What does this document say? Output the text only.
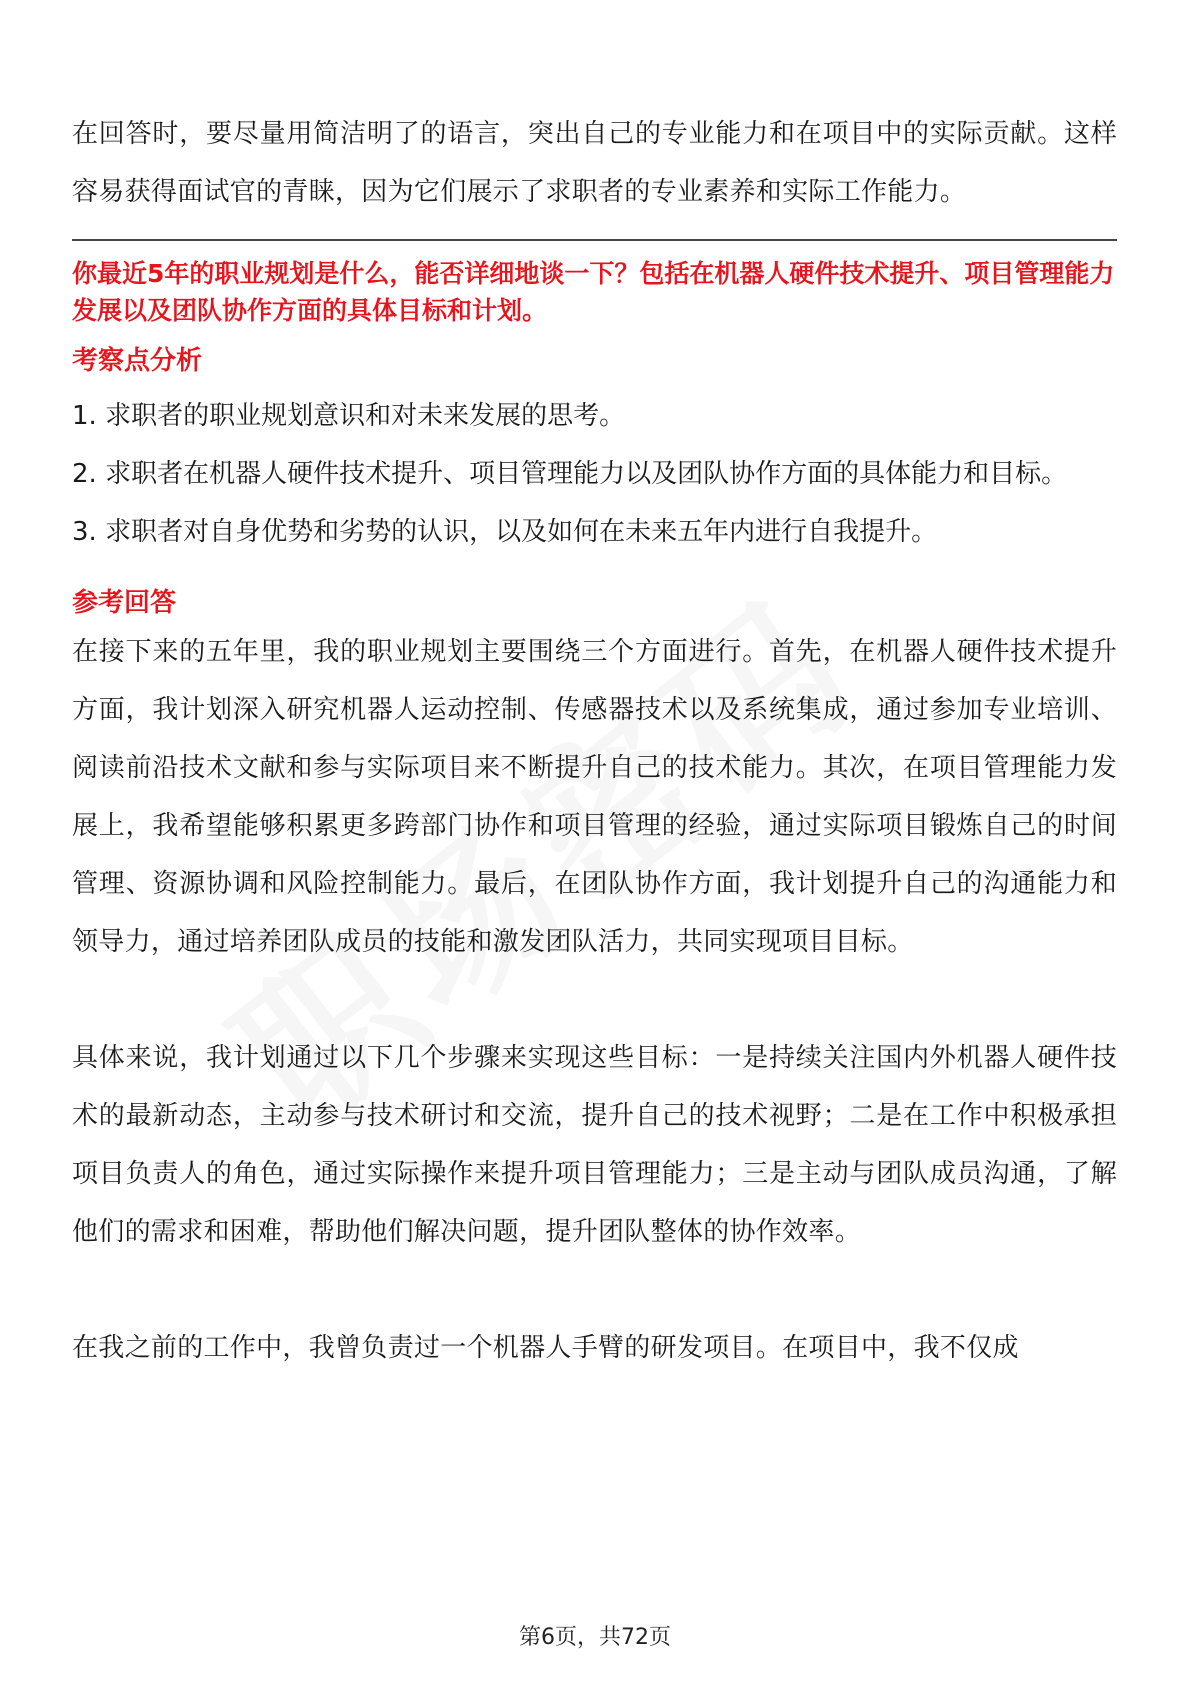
在回答时，要尽量用简洁明了的语言，突出自己的专业能力和在项目中的实际贡献。这样容易获得面试官的青睐，因为它们展示了求职者的专业素养和实际工作能力。

你最近5年的职业规划是什么，能否详细地谈一下？包括在机器人硬件技术提升、项目管理能力发展以及团队协作方面的具体目标和计划。

考察点分析
1. 求职者的职业规划意识和对未来发展的思考。
2. 求职者在机器人硬件技术提升、项目管理能力以及团队协作方面的具体能力和目标。
3. 求职者对自身优势和劣势的认识，以及如何在未来五年内进行自我提升。
参考回答

在接下来的五年里，我的职业规划主要围绕三个方面进行。首先，在机器人硬件技术提升方面，我计划深入研究机器人运动控制、传感器技术以及系统集成，通过参加专业培训、阅读前沿技术文献和参与实际项目来不断提升自己的技术能力。其次，在项目管理能力发展上，我希望能够积累更多跨部门协作和项目管理的经验，通过实际项目锻炼自己的时间管理、资源协调和风险控制能力。最后，在团队协作方面，我计划提升自己的沟通能力和领导力，通过培养团队成员的技能和激发团队活力，共同实现项目目标。

具体来说，我计划通过以下几个步骤来实现这些目标：一是持续关注国内外机器人硬件技术的最新动态，主动参与技术研讨和交流，提升自己的技术视野；二是在工作中积极承担项目负责人的角色，通过实际操作来提升项目管理能力；三是主动与团队成员沟通，了解他们的需求和困难，帮助他们解决问题，提升团队整体的协作效率。

在我之前的工作中，我曾负责过一个机器人手臂的研发项目。在项目中，我不仅成

第6页，共72页
